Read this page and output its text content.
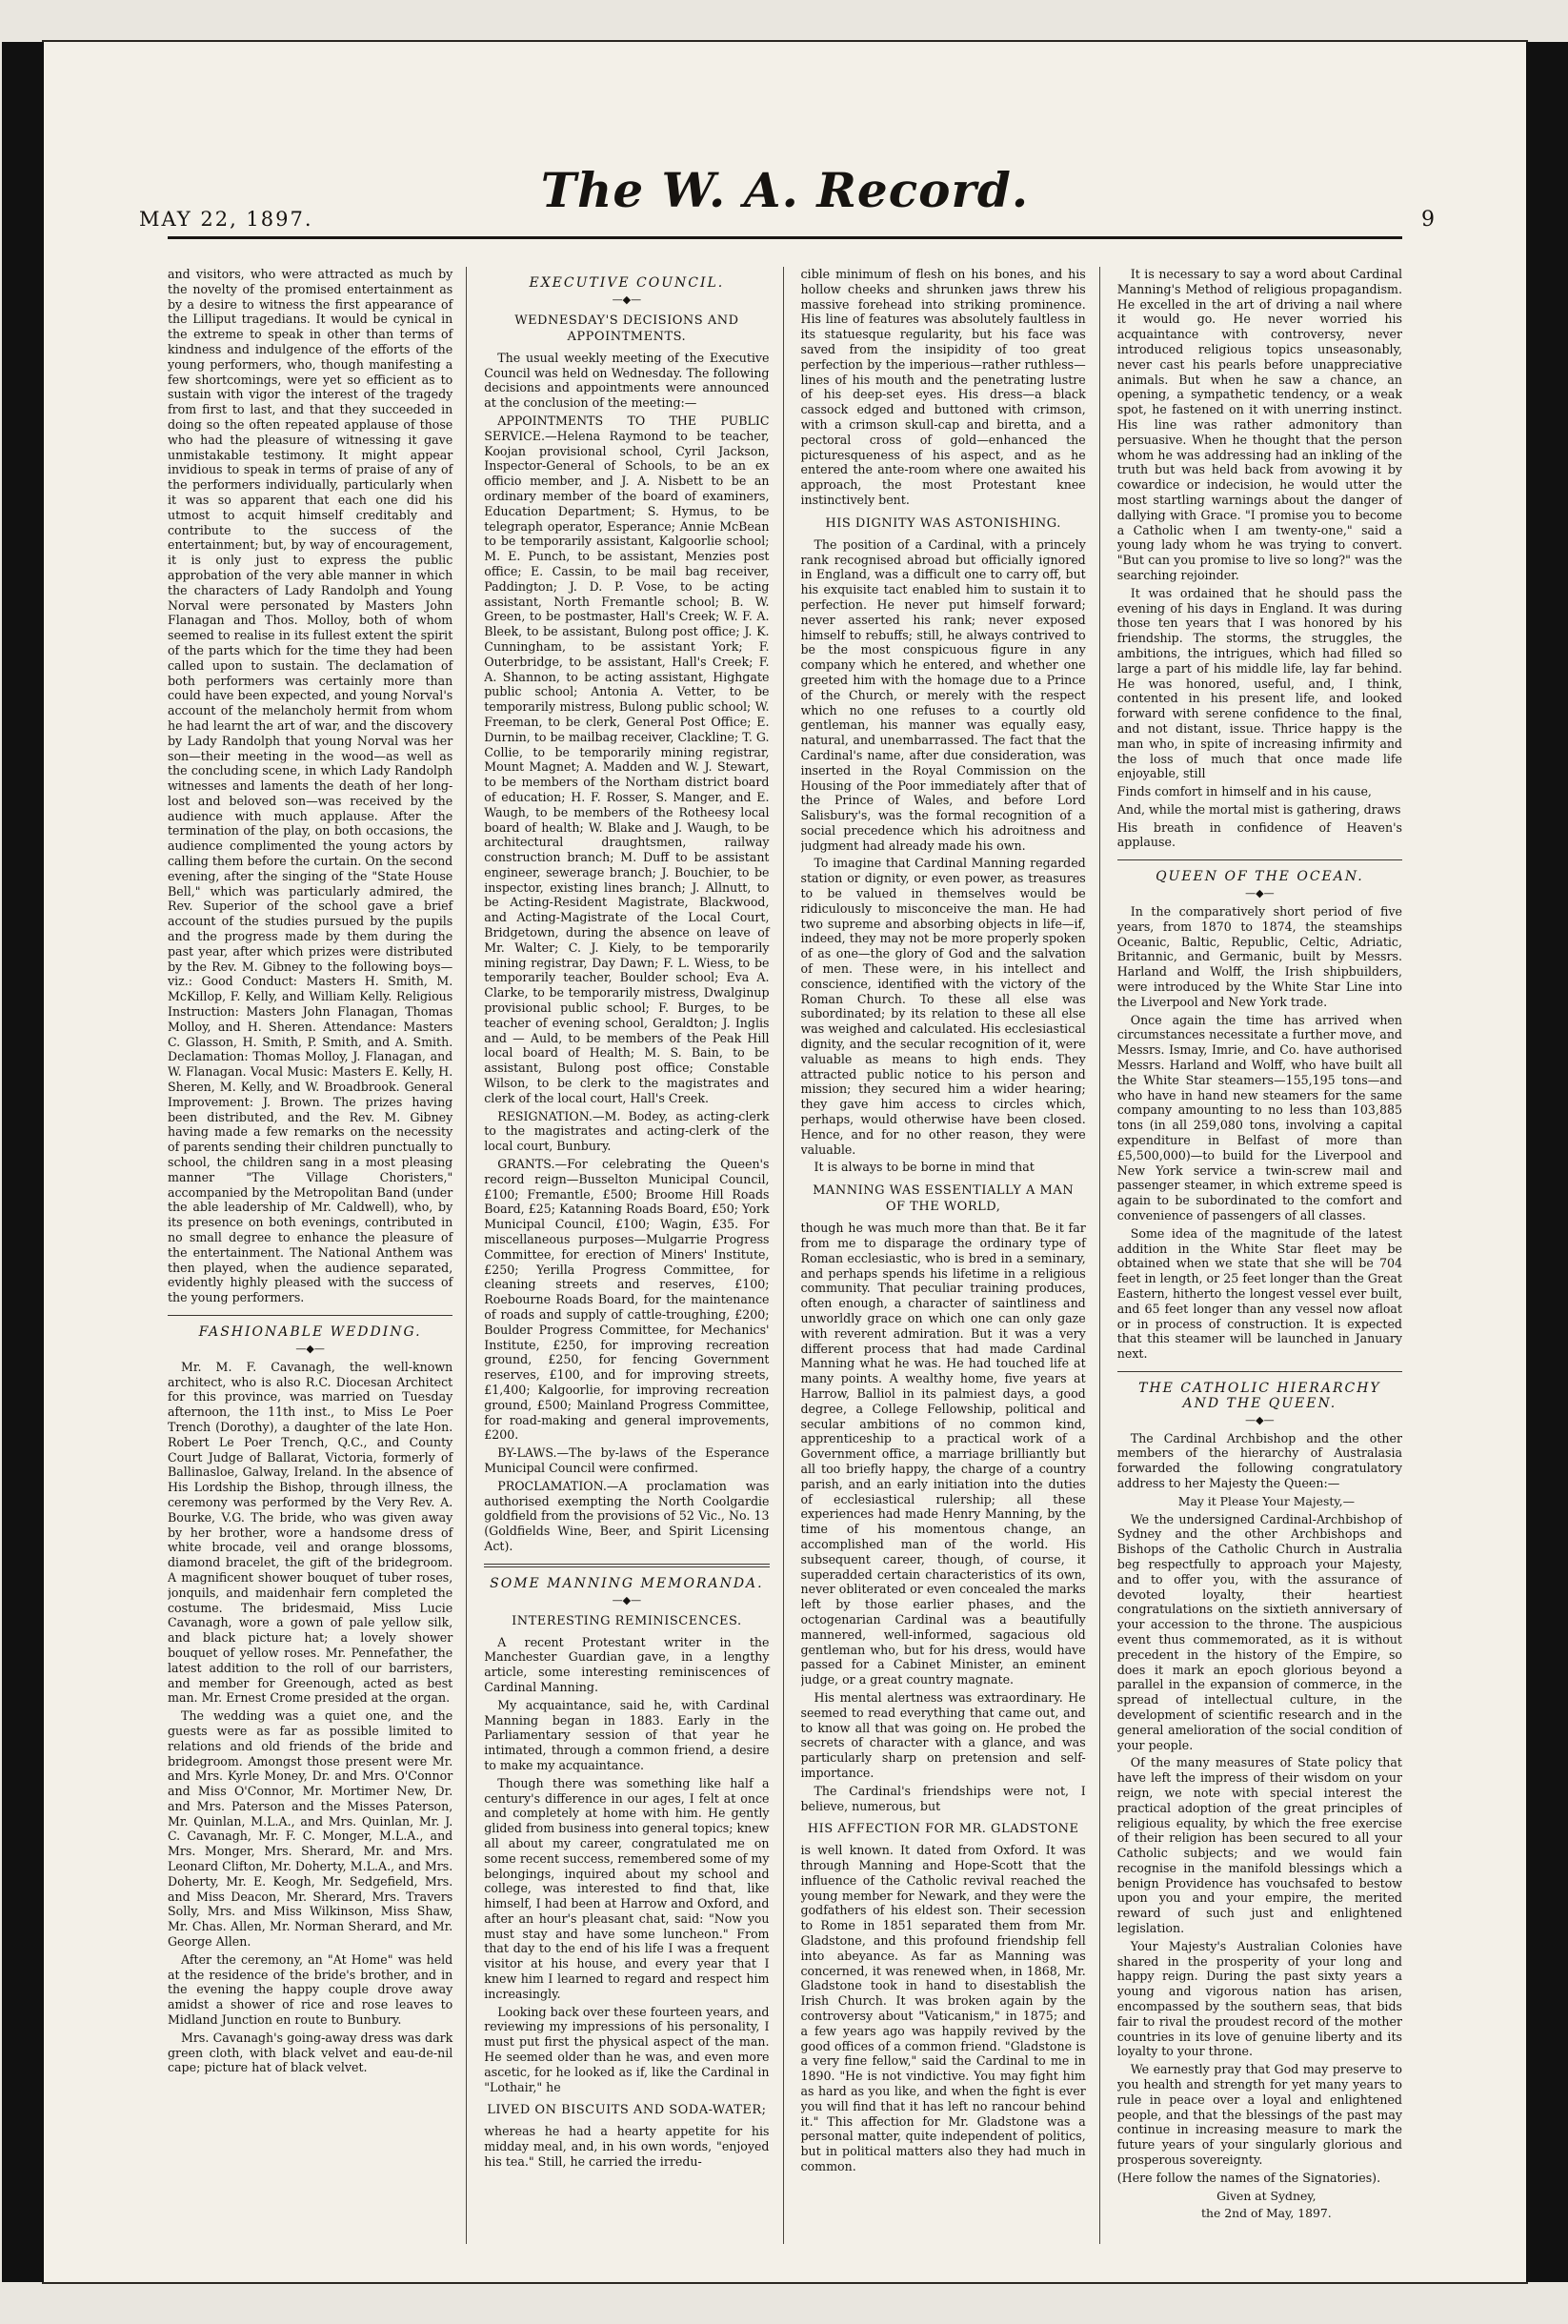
MAY 22, 1897.
The W. A. Record.
9

and visitors, who were attracted as much by the novelty of the promised entertainment as by a desire to witness the first appearance of the Lilliput tragedians. It would be cynical in the extreme to speak in other than terms of kindness and indulgence of the efforts of the young performers, who, though manifesting a few shortcomings, were yet so efficient as to sustain with vigor the interest of the tragedy from first to last, and that they succeeded in doing so the often repeated applause of those who had the pleasure of witnessing it gave unmistakable testimony. It might appear invidious to speak in terms of praise of any of the performers individually, particularly when it was so apparent that each one did his utmost to acquit himself creditably and contribute to the success of the entertainment; but, by way of encouragement, it is only just to express the public approbation of the very able manner in which the characters of Lady Randolph and Young Norval were personated by Masters John Flanagan and Thos. Molloy, both of whom seemed to realise in its fullest extent the spirit of the parts which for the time they had been called upon to sustain. The declamation of both performers was certainly more than could have been expected, and young Norval's account of the melancholy hermit from whom he had learnt the art of war, and the discovery by Lady Randolph that young Norval was her son—their meeting in the wood—as well as the concluding scene, in which Lady Randolph witnesses and laments the death of her long-lost and beloved son—was received by the audience with much applause. After the termination of the play, on both occasions, the audience complimented the young actors by calling them before the curtain. On the second evening, after the singing of the "State House Bell," which was particularly admired, the Rev. Superior of the school gave a brief account of the studies pursued by the pupils and the progress made by them during the past year, after which prizes were distributed by the Rev. M. Gibney to the following boys—viz.: Good Conduct: Masters H. Smith, M. McKillop, F. Kelly, and William Kelly. Religious Instruction: Masters John Flanagan, Thomas Molloy, and H. Sheren. Attendance: Masters C. Glasson, H. Smith, P. Smith, and A. Smith. Declamation: Thomas Molloy, J. Flanagan, and W. Flanagan. Vocal Music: Masters E. Kelly, H. Sheren, M. Kelly, and W. Broadbrook. General Improvement: J. Brown. The prizes having been distributed, and the Rev. M. Gibney having made a few remarks on the necessity of parents sending their children punctually to school, the children sang in a most pleasing manner "The Village Choristers," accompanied by the Metropolitan Band (under the able leadership of Mr. Caldwell), who, by its presence on both evenings, contributed in no small degree to enhance the pleasure of the entertainment. The National Anthem was then played, when the audience separated, evidently highly pleased with the success of the young performers.

FASHIONABLE WEDDING.
—◆—

Mr. M. F. Cavanagh, the well-known architect, who is also R.C. Diocesan Architect for this province, was married on Tuesday afternoon, the 11th inst., to Miss Le Poer Trench (Dorothy), a daughter of the late Hon. Robert Le Poer Trench, Q.C., and County Court Judge of Ballarat, Victoria, formerly of Ballinasloe, Galway, Ireland. In the absence of His Lordship the Bishop, through illness, the ceremony was performed by the Very Rev. A. Bourke, V.G. The bride, who was given away by her brother, wore a handsome dress of white brocade, veil and orange blossoms, diamond bracelet, the gift of the bridegroom. A magnificent shower bouquet of tuber roses, jonquils, and maidenhair fern completed the costume. The bridesmaid, Miss Lucie Cavanagh, wore a gown of pale yellow silk, and black picture hat; a lovely shower bouquet of yellow roses. Mr. Pennefather, the latest addition to the roll of our barristers, and member for Greenough, acted as best man. Mr. Ernest Crome presided at the organ.

The wedding was a quiet one, and the guests were as far as possible limited to relations and old friends of the bride and bridegroom. Amongst those present were Mr. and Mrs. Kyrle Money, Dr. and Mrs. O'Connor and Miss O'Connor, Mr. Mortimer New, Dr. and Mrs. Paterson and the Misses Paterson, Mr. Quinlan, M.L.A., and Mrs. Quinlan, Mr. J. C. Cavanagh, Mr. F. C. Monger, M.L.A., and Mrs. Monger, Mrs. Sherard, Mr. and Mrs. Leonard Clifton, Mr. Doherty, M.L.A., and Mrs. Doherty, Mr. E. Keogh, Mr. Sedgefield, Mrs. and Miss Deacon, Mr. Sherard, Mrs. Travers Solly, Mrs. and Miss Wilkinson, Miss Shaw, Mr. Chas. Allen, Mr. Norman Sherard, and Mr. George Allen.

After the ceremony, an "At Home" was held at the residence of the bride's brother, and in the evening the happy couple drove away amidst a shower of rice and rose leaves to Midland Junction en route to Bunbury.

Mrs. Cavanagh's going-away dress was dark green cloth, with black velvet and eau-de-nil cape; picture hat of black velvet.

EXECUTIVE COUNCIL.
—◆—
WEDNESDAY'S DECISIONS AND APPOINTMENTS.

The usual weekly meeting of the Executive Council was held on Wednesday. The following decisions and appointments were announced at the conclusion of the meeting:—

APPOINTMENTS TO THE PUBLIC SERVICE.—Helena Raymond to be teacher, Koojan provisional school, Cyril Jackson, Inspector-General of Schools, to be an ex officio member, and J. A. Nisbett to be an ordinary member of the board of examiners, Education Department; S. Hymus, to be telegraph operator, Esperance; Annie McBean to be temporarily assistant, Kalgoorlie school; M. E. Punch, to be assistant, Menzies post office; E. Cassin, to be mail bag receiver, Paddington; J. D. P. Vose, to be acting assistant, North Fremantle school; B. W. Green, to be postmaster, Hall's Creek; W. F. A. Bleek, to be assistant, Bulong post office; J. K. Cunningham, to be assistant York; F. Outerbridge, to be assistant, Hall's Creek; F. A. Shannon, to be acting assistant, Highgate public school; Antonia A. Vetter, to be temporarily mistress, Bulong public school; W. Freeman, to be clerk, General Post Office; E. Durnin, to be mailbag receiver, Clackline; T. G. Collie, to be temporarily mining registrar, Mount Magnet; A. Madden and W. J. Stewart, to be members of the Northam district board of education; H. F. Rosser, S. Manger, and E. Waugh, to be members of the Rotheesy local board of health; W. Blake and J. Waugh, to be architectural draughtsmen, railway construction branch; M. Duff to be assistant engineer, sewerage branch; J. Bouchier, to be inspector, existing lines branch; J. Allnutt, to be Acting-Resident Magistrate, Blackwood, and Acting-Magistrate of the Local Court, Bridgetown, during the absence on leave of Mr. Walter; C. J. Kiely, to be temporarily mining registrar, Day Dawn; F. L. Wiess, to be temporarily teacher, Boulder school; Eva A. Clarke, to be temporarily mistress, Dwalginup provisional public school; F. Burges, to be teacher of evening school, Geraldton; J. Inglis and — Auld, to be members of the Peak Hill local board of Health; M. S. Bain, to be assistant, Bulong post office; Constable Wilson, to be clerk to the magistrates and clerk of the local court, Hall's Creek.

RESIGNATION.—M. Bodey, as acting-clerk to the magistrates and acting-clerk of the local court, Bunbury.

GRANTS.—For celebrating the Queen's record reign—Busselton Municipal Council, £100; Fremantle, £500; Broome Hill Roads Board, £25; Katanning Roads Board, £50; York Municipal Council, £100; Wagin, £35. For miscellaneous purposes—Mulgarrie Progress Committee, for erection of Miners' Institute, £250; Yerilla Progress Committee, for cleaning streets and reserves, £100; Roebourne Roads Board, for the maintenance of roads and supply of cattle-troughing, £200; Boulder Progress Committee, for Mechanics' Institute, £250, for improving recreation ground, £250, for fencing Government reserves, £100, and for improving streets, £1,400; Kalgoorlie, for improving recreation ground, £500; Mainland Progress Committee, for road-making and general improvements, £200.

BY-LAWS.—The by-laws of the Esperance Municipal Council were confirmed.

PROCLAMATION.—A proclamation was authorised exempting the North Coolgardie goldfield from the provisions of 52 Vic., No. 13 (Goldfields Wine, Beer, and Spirit Licensing Act).

SOME MANNING MEMORANDA.
—◆—
INTERESTING REMINISCENCES.

A recent Protestant writer in the Manchester Guardian gave, in a lengthy article, some interesting reminiscences of Cardinal Manning.

My acquaintance, said he, with Cardinal Manning began in 1883. Early in the Parliamentary session of that year he intimated, through a common friend, a desire to make my acquaintance.

Though there was something like half a century's difference in our ages, I felt at once and completely at home with him. He gently glided from business into general topics; knew all about my career, congratulated me on some recent success, remembered some of my belongings, inquired about my school and college, was interested to find that, like himself, I had been at Harrow and Oxford, and after an hour's pleasant chat, said: "Now you must stay and have some luncheon." From that day to the end of his life I was a frequent visitor at his house, and every year that I knew him I learned to regard and respect him increasingly.

Looking back over these fourteen years, and reviewing my impressions of his personality, I must put first the physical aspect of the man. He seemed older than he was, and even more ascetic, for he looked as if, like the Cardinal in "Lothair," he

LIVED ON BISCUITS AND SODA-WATER;

whereas he had a hearty appetite for his midday meal, and, in his own words, "enjoyed his tea." Still, he carried the irredu-

cible minimum of flesh on his bones, and his hollow cheeks and shrunken jaws threw his massive forehead into striking prominence. His line of features was absolutely faultless in its statuesque regularity, but his face was saved from the insipidity of too great perfection by the imperious—rather ruthless—lines of his mouth and the penetrating lustre of his deep-set eyes. His dress—a black cassock edged and buttoned with crimson, with a crimson skull-cap and biretta, and a pectoral cross of gold—enhanced the picturesqueness of his aspect, and as he entered the ante-room where one awaited his approach, the most Protestant knee instinctively bent.

HIS DIGNITY WAS ASTONISHING.

The position of a Cardinal, with a princely rank recognised abroad but officially ignored in England, was a difficult one to carry off, but his exquisite tact enabled him to sustain it to perfection. He never put himself forward; never asserted his rank; never exposed himself to rebuffs; still, he always contrived to be the most conspicuous figure in any company which he entered, and whether one greeted him with the homage due to a Prince of the Church, or merely with the respect which no one refuses to a courtly old gentleman, his manner was equally easy, natural, and unembarrassed. The fact that the Cardinal's name, after due consideration, was inserted in the Royal Commission on the Housing of the Poor immediately after that of the Prince of Wales, and before Lord Salisbury's, was the formal recognition of a social precedence which his adroitness and judgment had already made his own.

To imagine that Cardinal Manning regarded station or dignity, or even power, as treasures to be valued in themselves would be ridiculously to misconceive the man. He had two supreme and absorbing objects in life—if, indeed, they may not be more properly spoken of as one—the glory of God and the salvation of men. These were, in his intellect and conscience, identified with the victory of the Roman Church. To these all else was subordinated; by its relation to these all else was weighed and calculated. His ecclesiastical dignity, and the secular recognition of it, were valuable as means to high ends. They attracted public notice to his person and mission; they secured him a wider hearing; they gave him access to circles which, perhaps, would otherwise have been closed. Hence, and for no other reason, they were valuable.

It is always to be borne in mind that

MANNING WAS ESSENTIALLY A MAN OF THE WORLD,

though he was much more than that. Be it far from me to disparage the ordinary type of Roman ecclesiastic, who is bred in a seminary, and perhaps spends his lifetime in a religious community. That peculiar training produces, often enough, a character of saintliness and unworldly grace on which one can only gaze with reverent admiration. But it was a very different process that had made Cardinal Manning what he was. He had touched life at many points. A wealthy home, five years at Harrow, Balliol in its palmiest days, a good degree, a College Fellowship, political and secular ambitions of no common kind, apprenticeship to a practical work of a Government office, a marriage brilliantly but all too briefly happy, the charge of a country parish, and an early initiation into the duties of ecclesiastical rulership; all these experiences had made Henry Manning, by the time of his momentous change, an accomplished man of the world. His subsequent career, though, of course, it superadded certain characteristics of its own, never obliterated or even concealed the marks left by those earlier phases, and the octogenarian Cardinal was a beautifully mannered, well-informed, sagacious old gentleman who, but for his dress, would have passed for a Cabinet Minister, an eminent judge, or a great country magnate.

His mental alertness was extraordinary. He seemed to read everything that came out, and to know all that was going on. He probed the secrets of character with a glance, and was particularly sharp on pretension and self-importance.

The Cardinal's friendships were not, I believe, numerous, but

HIS AFFECTION FOR MR. GLADSTONE

is well known. It dated from Oxford. It was through Manning and Hope-Scott that the influence of the Catholic revival reached the young member for Newark, and they were the godfathers of his eldest son. Their secession to Rome in 1851 separated them from Mr. Gladstone, and this profound friendship fell into abeyance. As far as Manning was concerned, it was renewed when, in 1868, Mr. Gladstone took in hand to disestablish the Irish Church. It was broken again by the controversy about "Vaticanism," in 1875; and a few years ago was happily revived by the good offices of a common friend. "Gladstone is a very fine fellow," said the Cardinal to me in 1890. "He is not vindictive. You may fight him as hard as you like, and when the fight is ever you will find that it has left no rancour behind it." This affection for Mr. Gladstone was a personal matter, quite independent of politics, but in political matters also they had much in common.

It is necessary to say a word about Cardinal Manning's Method of religious propagandism. He excelled in the art of driving a nail where it would go. He never worried his acquaintance with controversy, never introduced religious topics unseasonably, never cast his pearls before unappreciative animals. But when he saw a chance, an opening, a sympathetic tendency, or a weak spot, he fastened on it with unerring instinct. His line was rather admonitory than persuasive. When he thought that the person whom he was addressing had an inkling of the truth but was held back from avowing it by cowardice or indecision, he would utter the most startling warnings about the danger of dallying with Grace. "I promise you to become a Catholic when I am twenty-one," said a young lady whom he was trying to convert. "But can you promise to live so long?" was the searching rejoinder.

It was ordained that he should pass the evening of his days in England. It was during those ten years that I was honored by his friendship. The storms, the struggles, the ambitions, the intrigues, which had filled so large a part of his middle life, lay far behind. He was honored, useful, and, I think, contented in his present life, and looked forward with serene confidence to the final, and not distant, issue. Thrice happy is the man who, in spite of increasing infirmity and the loss of much that once made life enjoyable, still

Finds comfort in himself and in his cause,

And, while the mortal mist is gathering, draws

His breath in confidence of Heaven's applause.

QUEEN OF THE OCEAN.
—◆—

In the comparatively short period of five years, from 1870 to 1874, the steamships Oceanic, Baltic, Republic, Celtic, Adriatic, Britannic, and Germanic, built by Messrs. Harland and Wolff, the Irish shipbuilders, were introduced by the White Star Line into the Liverpool and New York trade.

Once again the time has arrived when circumstances necessitate a further move, and Messrs. Ismay, Imrie, and Co. have authorised Messrs. Harland and Wolff, who have built all the White Star steamers—155,195 tons—and who have in hand new steamers for the same company amounting to no less than 103,885 tons (in all 259,080 tons, involving a capital expenditure in Belfast of more than £5,500,000)—to build for the Liverpool and New York service a twin-screw mail and passenger steamer, in which extreme speed is again to be subordinated to the comfort and convenience of passengers of all classes.

Some idea of the magnitude of the latest addition in the White Star fleet may be obtained when we state that she will be 704 feet in length, or 25 feet longer than the Great Eastern, hitherto the longest vessel ever built, and 65 feet longer than any vessel now afloat or in process of construction. It is expected that this steamer will be launched in January next.

THE CATHOLIC HIERARCHY AND THE QUEEN.
—◆—

The Cardinal Archbishop and the other members of the hierarchy of Australasia forwarded the following congratulatory address to her Majesty the Queen:—

May it Please Your Majesty,—

We the undersigned Cardinal-Archbishop of Sydney and the other Archbishops and Bishops of the Catholic Church in Australia beg respectfully to approach your Majesty, and to offer you, with the assurance of devoted loyalty, their heartiest congratulations on the sixtieth anniversary of your accession to the throne. The auspicious event thus commemorated, as it is without precedent in the history of the Empire, so does it mark an epoch glorious beyond a parallel in the expansion of commerce, in the spread of intellectual culture, in the development of scientific research and in the general amelioration of the social condition of your people.

Of the many measures of State policy that have left the impress of their wisdom on your reign, we note with special interest the practical adoption of the great principles of religious equality, by which the free exercise of their religion has been secured to all your Catholic subjects; and we would fain recognise in the manifold blessings which a benign Providence has vouchsafed to bestow upon you and your empire, the merited reward of such just and enlightened legislation.

Your Majesty's Australian Colonies have shared in the prosperity of your long and happy reign. During the past sixty years a young and vigorous nation has arisen, encompassed by the southern seas, that bids fair to rival the proudest record of the mother countries in its love of genuine liberty and its loyalty to your throne.

We earnestly pray that God may preserve to you health and strength for yet many years to rule in peace over a loyal and enlightened people, and that the blessings of the past may continue in increasing measure to mark the future years of your singularly glorious and prosperous sovereignty.

(Here follow the names of the Signatories).

Given at Sydney,

the 2nd of May, 1897.
